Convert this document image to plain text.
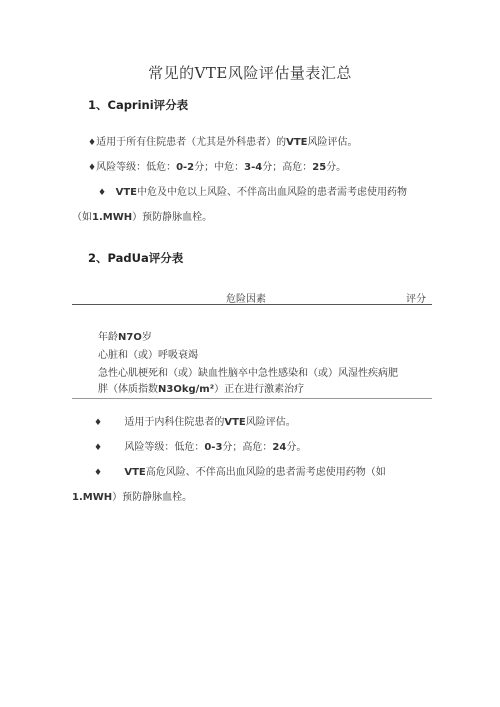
常见的VTE风险评估量表汇总
1、Caprini评分表
♦适用于所有住院患者（尤其是外科患者）的VTE风险评估。
♦风险等级：低危：0-2分；中危：3-4分；高危：25分。
♦ VTE中危及中危以上风险、不伴高出血风险的患者需考虑使用药物
（如1.MWH）预防静脉血栓。
2、PadUa评分表
危险因素	评分
年龄N7O岁
心脏和（或）呼吸衰竭
急性心肌梗死和（或）缺血性脑卒中急性感染和（或）风湿性疾病肥
胖（体质指数N3Okg∕m²）正在进行激素治疗
♦ 适用于内科住院患者的VTE风险评估。
♦ 风险等级：低危：0-3分；高危：24分。
♦ VTE高危风险、不伴高出血风险的患者需考虑使用药物（如
1.MWH）预防静脉血栓。
